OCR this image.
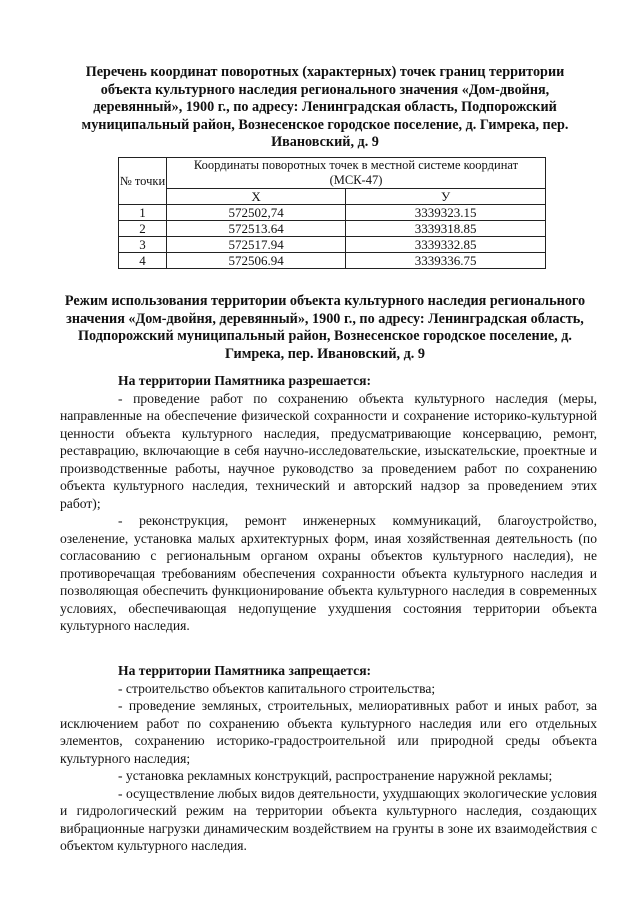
Перечень координат поворотных (характерных) точек границ территории объекта культурного наследия регионального значения «Дом-двойня, деревянный», 1900 г., по адресу: Ленинградская область, Подпорожский муниципальный район, Вознесенское городское поселение, д. Гимрека, пер. Ивановский, д. 9
№ точки	Координаты поворотных точек в местной системе координат (МСК-47)	
	X	У
1	572502,74	3339323.15
2	572513.64	3339318.85
3	572517.94	3339332.85
4	572506.94	3339336.75
Режим использования территории объекта культурного наследия регионального значения «Дом-двойня, деревянный», 1900 г., по адресу: Ленинградская область, Подпорожский муниципальный район, Вознесенское городское поселение, д. Гимрека, пер. Ивановский, д. 9
На территории Памятника разрешается:

- проведение работ по сохранению объекта культурного наследия (меры, направленные на обеспечение физической сохранности и сохранение историко-культурной ценности объекта культурного наследия, предусматривающие консервацию, ремонт, реставрацию, включающие в себя научно-исследовательские, изыскательские, проектные и производственные работы, научное руководство за проведением работ по сохранению объекта культурного наследия, технический и авторский надзор за проведением этих работ);

- реконструкция, ремонт инженерных коммуникаций, благоустройство, озеленение, установка малых архитектурных форм, иная хозяйственная деятельность (по согласованию с региональным органом охраны объектов культурного наследия), не противоречащая требованиям обеспечения сохранности объекта культурного наследия и позволяющая обеспечить функционирование объекта культурного наследия в современных условиях, обеспечивающая недопущение ухудшения состояния территории объекта культурного наследия.

На территории Памятника запрещается:

- строительство объектов капитального строительства;

- проведение земляных, строительных, мелиоративных работ и иных работ, за исключением работ по сохранению объекта культурного наследия или его отдельных элементов, сохранению историко-градостроительной или природной среды объекта культурного наследия;

- установка рекламных конструкций, распространение наружной рекламы;

- осуществление любых видов деятельности, ухудшающих экологические условия и гидрологический режим на территории объекта культурного наследия, создающих вибрационные нагрузки динамическим воздействием на грунты в зоне их взаимодействия с объектом культурного наследия.
